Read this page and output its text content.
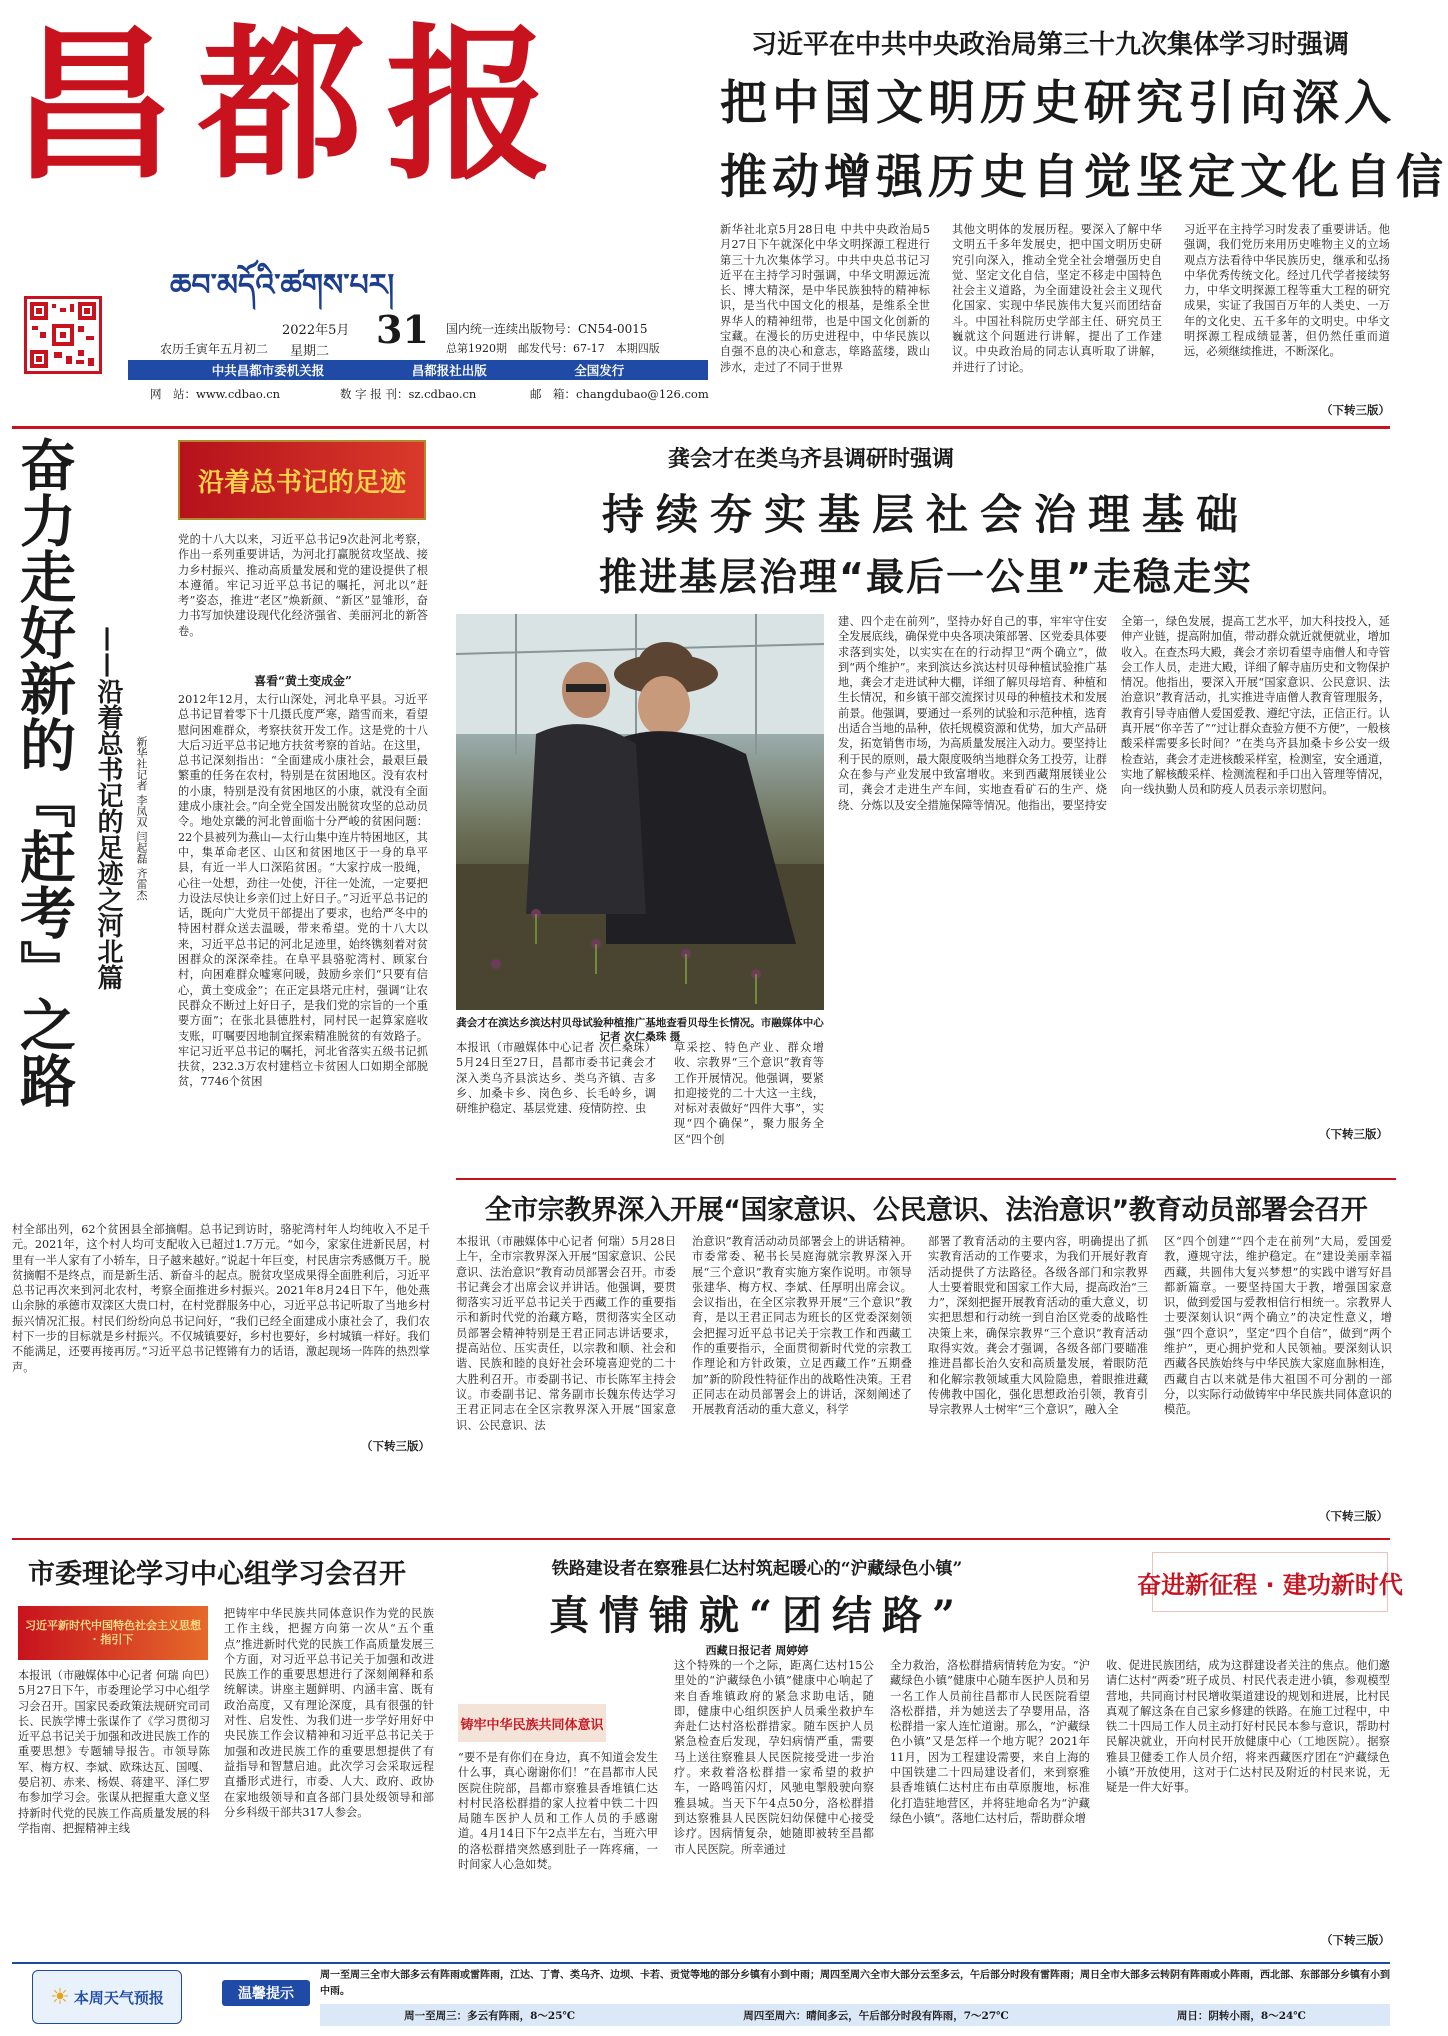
昌都报
ཆབ་མདོའི་ཚགས་པར།
2022年5月 31
星期二
农历壬寅年五月初二
国内统一连续出版物号：CN54-0015
总第1920期　邮发代号：67-17　本期四版
中共昌都市委机关报	昌都报社出版	全国发行
网　站：www.cdbao.cn	数 字 报 刊：sz.cdbao.cn	邮　箱：changdubao@126.com
习近平在中共中央政治局第三十九次集体学习时强调
把中国文明历史研究引向深入
推动增强历史自觉坚定文化自信
新华社北京5月28日电 中共中央政治局5月27日下午就深化中华文明探源工程进行第三十九次集体学习。中共中央总书记习近平在主持学习时强调，中华文明源远流长、博大精深，是中华民族独特的精神标识，是当代中国文化的根基，是维系全世界华人的精神纽带，也是中国文化创新的宝藏。在漫长的历史进程中，中华民族以自强不息的决心和意志，筚路蓝缕，跋山涉水，走过了不同于世界
其他文明体的发展历程。要深入了解中华文明五千多年发展史，把中国文明历史研究引向深入，推动全党全社会增强历史自觉、坚定文化自信，坚定不移走中国特色社会主义道路，为全面建设社会主义现代化国家、实现中华民族伟大复兴而团结奋斗。中国社科院历史学部主任、研究员王巍就这个问题进行讲解，提出了工作建议。中央政治局的同志认真听取了讲解，并进行了讨论。
习近平在主持学习时发表了重要讲话。他强调，我们党历来用历史唯物主义的立场观点方法看待中华民族历史，继承和弘扬中华优秀传统文化。经过几代学者接续努力，中华文明探源工程等重大工程的研究成果，实证了我国百万年的人类史、一万年的文化史、五千多年的文明史。中华文明探源工程成绩显著，但仍然任重而道远，必须继续推进，不断深化。
（下转三版）
奋力走好新的『赶考』之路 ——沿着总书记的足迹之河北篇 新华社记者 李凤双 闫起磊 齐雷杰
沿着总书记的足迹
党的十八大以来，习近平总书记9次赴河北考察，作出一系列重要讲话，为河北打赢脱贫攻坚战、接力乡村振兴、推动高质量发展和党的建设提供了根本遵循。牢记习近平总书记的嘱托，河北以“赶考”姿态，推进“老区”焕新颜、“新区”显雏形，奋力书写加快建设现代化经济强省、美丽河北的新答卷。
喜看“黄土变成金”
2012年12月，太行山深处，河北阜平县。习近平总书记冒着零下十几摄氏度严寒，踏雪而来，看望慰问困难群众，考察扶贫开发工作。这是党的十八大后习近平总书记地方扶贫考察的首站。在这里，总书记深刻指出：“全面建成小康社会，最艰巨最繁重的任务在农村，特别是在贫困地区。没有农村的小康，特别是没有贫困地区的小康，就没有全面建成小康社会。”向全党全国发出脱贫攻坚的总动员令。地处京畿的河北曾面临十分严峻的贫困问题：22个县被列为燕山—太行山集中连片特困地区，其中，集革命老区、山区和贫困地区于一身的阜平县，有近一半人口深陷贫困。“大家拧成一股绳，心往一处想，劲往一处使，汗往一处流，一定要把力设法尽快让乡亲们过上好日子。”习近平总书记的话，既向广大党员干部提出了要求，也给严冬中的特困村群众送去温暖，带来希望。党的十八大以来，习近平总书记的河北足迹里，始终镌刻着对贫困群众的深深牵挂。在阜平县骆驼湾村、顾家台村，向困难群众嘘寒问暖，鼓励乡亲们“只要有信心，黄土变成金”；在正定县塔元庄村，强调“让农民群众不断过上好日子，是我们党的宗旨的一个重要方面”；在张北县德胜村，同村民一起算家庭收支账，叮嘱要因地制宜探索精准脱贫的有效路子。牢记习近平总书记的嘱托，河北省落实五级书记抓扶贫，232.3万农村建档立卡贫困人口如期全部脱贫，7746个贫困
村全部出列，62个贫困县全部摘帽。总书记到访时，骆驼湾村年人均纯收入不足千元。2021年，这个村人均可支配收入已超过1.7万元。“如今，家家住进新民居，村里有一半人家有了小轿车，日子越来越好。”说起十年巨变，村民唐宗秀感慨万千。脱贫摘帽不是终点，而是新生活、新奋斗的起点。脱贫攻坚成果得全面胜利后，习近平总书记再次来到河北农村，考察全面推进乡村振兴。2021年8月24日下午，他处燕山余脉的承德市双滦区大贵口村，在村党群服务中心，习近平总书记听取了当地乡村振兴情况汇报。村民们纷纷向总书记问好，“我们已经全面建成小康社会了，我们农村下一步的目标就是乡村振兴。不仅城镇要好，乡村也要好，乡村城镇一样好。我们不能满足，还要再接再厉。”习近平总书记铿锵有力的话语，激起现场一阵阵的热烈掌声。
（下转三版）
龚会才在类乌齐县调研时强调
持续夯实基层社会治理基础
推进基层治理“最后一公里”走稳走实
龚会才在滨达乡滨达村贝母试验种植推广基地查看贝母生长情况。市融媒体中心记者 次仁桑珠 摄
本报讯（市融媒体中心记者 次仁桑珠）5月24日至27日，昌都市委书记龚会才深入类乌齐县滨达乡、类乌齐镇、吉多乡、加桑卡乡、岗色乡、长毛岭乡，调研维护稳定、基层党建、疫情防控、虫
草采挖、特色产业、群众增收、宗教界“三个意识”教育等工作开展情况。他强调，要紧扣迎接党的二十大这一主线，对标对表做好“四件大事”，实现“四个确保”，聚力服务全区“四个创
建、四个走在前列”，坚持办好自己的事，牢牢守住安全发展底线，确保党中央各项决策部署、区党委具体要求落到实处，以实实在在的行动捍卫“两个确立”，做到“两个维护”。来到滨达乡滨达村贝母种植试验推广基地，龚会才走进试种大棚，详细了解贝母培育、种植和生长情况，和乡镇干部交流探讨贝母的种植技术和发展前景。他强调，要通过一系列的试验和示范种植，选育出适合当地的品种，依托规模资源和优势，加大产品研发，拓宽销售市场，为高质量发展注入动力。要坚持让利于民的原则，最大限度吸纳当地群众务工投劳，让群众在参与产业发展中致富增收。来到西藏翔展镁业公司，龚会才走进生产车间，实地查看矿石的生产、烧绕、分炼以及安全措施保障等情况。他指出，要坚持安全第一，绿色发展，提高工艺水平，加大科技投入，延伸产业链，提高附加值，带动群众就近就便就业，增加收入。在查杰玛大殿，龚会才亲切看望寺庙僧人和寺管会工作人员，走进大殿，详细了解寺庙历史和文物保护情况。他指出，要深入开展“国家意识、公民意识、法治意识”教育活动，扎实推进寺庙僧人教育管理服务，教育引导寺庙僧人爱国爱教、遵纪守法，正信正行。认真开展“你辛苦了”“过让群众查验方便不方便”，一般核酸采样需要多长时间？”在类乌齐县加桑卡乡公安一级检查站，龚会才走进核酸采样室，检测室，安全通道，实地了解核酸采样、检测流程和手口出入管理等情况，向一线执勤人员和防疫人员表示亲切慰问。
（下转三版）
全市宗教界深入开展“国家意识、公民意识、法治意识”教育动员部署会召开
本报讯（市融媒体中心记者 何瑞）5月28日上午，全市宗教界深入开展“国家意识、公民意识、法治意识”教育动员部署会召开。市委书记龚会才出席会议并讲话。他强调，要贯彻落实习近平总书记关于西藏工作的重要指示和新时代党的治藏方略，贯彻落实全区动员部署会精神特别是王君正同志讲话要求，提高站位、压实责任，以宗教和顺、社会和谐、民族和睦的良好社会环境喜迎党的二十大胜利召开。市委副书记、市长陈军主持会议。市委副书记、常务副市长魏东传达学习王君正同志在全区宗教界深入开展“国家意识、公民意识、法
治意识”教育活动动员部署会上的讲话精神。市委常委、秘书长吴庭海就宗教界深入开展“三个意识”教育实施方案作说明。市领导张建华、梅方权、李斌、任厚明出席会议。会议指出，在全区宗教界开展“三个意识”教育，是以王君正同志为班长的区党委深刻领会把握习近平总书记关于宗教工作和西藏工作的重要指示，全面贯彻新时代党的宗教工作理论和方针政策，立足西藏工作“五期叠加”新的阶段性特征作出的战略性决策。王君正同志在动员部署会上的讲话，深刻阐述了开展教育活动的重大意义，科学
部署了教育活动的主要内容，明确提出了抓实教育活动的工作要求，为我们开展好教育活动提供了方法路径。各级各部门和宗教界人士要着眼党和国家工作大局，提高政治“三力”，深刻把握开展教育活动的重大意义，切实把思想和行动统一到自治区党委的战略性决策上来，确保宗教界“三个意识”教育活动取得实效。龚会才强调，各级各部门要瞄准推进昌都长治久安和高质量发展，着眼防范和化解宗教领域重大风险隐患，着眼推进藏传佛教中国化，强化思想政治引领，教育引导宗教界人士树牢“三个意识”，融入全
区“四个创建”“四个走在前列”大局，爱国爱教，遵规守法，维护稳定。在“建设美丽幸福西藏，共圆伟大复兴梦想”的实践中谱写好昌都新篇章。一要坚持国大于教，增强国家意识，做到爱国与爱教相信行相统一。宗教界人士要深刻认识“两个确立”的决定性意义，增强“四个意识”，坚定“四个自信”，做到“两个维护”，更心拥护党和人民领袖。要深刻认识西藏各民族始终与中华民族大家庭血脉相连，西藏自古以来就是伟大祖国不可分割的一部分，以实际行动做铸牢中华民族共同体意识的模范。
（下转三版）
市委理论学习中心组学习会召开
习近平新时代中国特色社会主义思想 · 指引下
本报讯（市融媒体中心记者 何瑞 向巴）5月27日下午，市委理论学习中心组学习会召开。国家民委政策法规研究司司长、民族学博士张谋作了《学习贯彻习近平总书记关于加强和改进民族工作的重要思想》专题辅导报告。市领导陈军、梅方权、李斌、欧珠达瓦、国嘎、晏启初、赤来、杨娱、蒋建平、泽仁罗布参加学习会。张谋从把握重大意义坚持新时代党的民族工作高质量发展的科学指南、把握精神主线
把铸牢中华民族共同体意识作为党的民族工作主线，把握方向第一次从“五个重点”推进新时代党的民族工作高质量发展三个方面，对习近平总书记关于加强和改进民族工作的重要思想进行了深刻阐释和系统解读。讲座主题鲜明、内涵丰富、既有政治高度，又有理论深度，具有很强的针对性、启发性、为我们进一步学好用好中央民族工作会议精神和习近平总书记关于加强和改进民族工作的重要思想提供了有益指导和智慧启迪。此次学习会采取远程直播形式进行，市委、人大、政府、政协在家地级领导和直各部门县处级领导和部分乡科级干部共317人参会。
铁路建设者在察雅县仁达村筑起暖心的“沪藏绿色小镇”
真情铺就“团结路”
西藏日报记者 周婷婷
奋进新征程 · 建功新时代
铸牢中华民族共同体意识
“要不是有你们在身边，真不知道会发生什么事，真心谢谢你们！”在昌都市人民医院住院部，昌都市察雅县香堆镇仁达村村民洛松群措的家人拉着中铁二十四局随车医护人员和工作人员的手感谢道。4月14日下午2点半左右，当班六甲的洛松群措突然感到肚子一阵疼痛，一时间家人心急如焚。
这个特殊的一个之际，距离仁达村15公里处的“沪藏绿色小镇”健康中心响起了来自香堆镇政府的紧急求助电话，随即，健康中心组织医护人员乘坐救护车奔赴仁达村洛松群措家。随车医护人员紧急检查后发现，孕妇病情严重，需要马上送往察雅县人民医院接受进一步治疗。来救着洛松群措一家希望的救护车，一路鸣笛闪灯，风驰电掣般驶向察雅县城。当天下午4点50分，洛松群措到达察雅县人民医院妇幼保健中心接受诊疗。因病情复杂，她随即被转至昌都市人民医院。所幸通过
全力救治，洛松群措病情转危为安。“沪藏绿色小镇”健康中心随车医护人员和另一名工作人员前往昌都市人民医院看望洛松群措，并为她送去了孕婴用品，洛松群措一家人连忙道谢。那么，“沪藏绿色小镇”又是怎样一个地方呢？2021年11月，因为工程建设需要，来自上海的中国铁建二十四局建设者们，来到察雅县香堆镇仁达村庄布由草原腹地，标准化打造驻地营区，并将驻地命名为“沪藏绿色小镇”。落地仁达村后，帮助群众增
收、促进民族团结，成为这群建设者关注的焦点。他们邀请仁达村“两委”班子成员、村民代表走进小镇，参观模型营地，共同商讨村民增收渠道建设的规划和进展，比村民真观了解这条在自己家乡修建的铁路。在施工过程中，中铁二十四局工作人员主动打好村民民本参与意识，帮助村民解决就业，开向村民开放健康中心（工地医院）。据察雅县卫健委工作人员介绍，将来西藏医疗团在“沪藏绿色小镇”开放使用，这对于仁达村民及附近的村民来说，无疑是一件大好事。
（下转三版）
☀ 本周天气预报	温馨提示
周一至周三全市大部多云有阵雨或雷阵雨，江达、丁青、类乌齐、边坝、卡若、贡觉等地的部分乡镇有小到中雨；周四至周六全市大部分云至多云，午后部分时段有雷阵雨；周日全市大部多云转阴有阵雨或小阵雨，西北部、东部部分乡镇有小到中雨。
周一至周三：多云有阵雨，8～25℃	周四至周六：晴间多云，午后部分时段有阵雨，7～27℃	周日：阴转小雨，8～24℃
